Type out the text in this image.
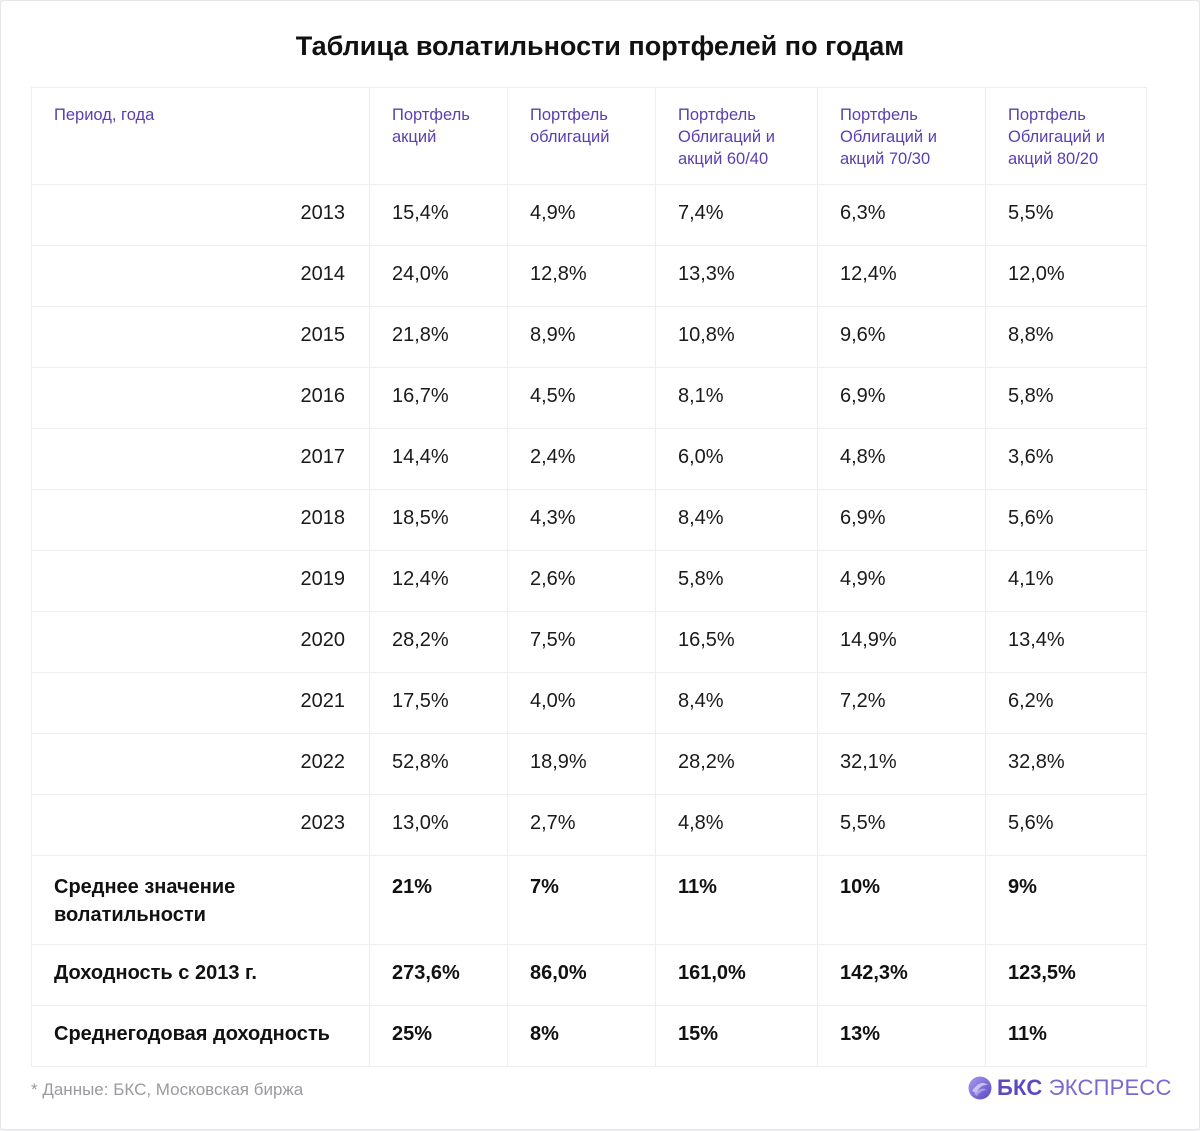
Таблица волатильности портфелей по годам
Период, года	Портфель акций	Портфель облигаций	Портфель Облигаций и акций 60/40	Портфель Облигаций и акций 70/30	Портфель Облигаций и акций 80/20
2013	15,4%	4,9%	7,4%	6,3%	5,5%
2014	24,0%	12,8%	13,3%	12,4%	12,0%
2015	21,8%	8,9%	10,8%	9,6%	8,8%
2016	16,7%	4,5%	8,1%	6,9%	5,8%
2017	14,4%	2,4%	6,0%	4,8%	3,6%
2018	18,5%	4,3%	8,4%	6,9%	5,6%
2019	12,4%	2,6%	5,8%	4,9%	4,1%
2020	28,2%	7,5%	16,5%	14,9%	13,4%
2021	17,5%	4,0%	8,4%	7,2%	6,2%
2022	52,8%	18,9%	28,2%	32,1%	32,8%
2023	13,0%	2,7%	4,8%	5,5%	5,6%
Среднее значение волатильности	21%	7%	11%	10%	9%
Доходность с 2013 г.	273,6%	86,0%	161,0%	142,3%	123,5%
Среднегодовая доходность	25%	8%	15%	13%	11%
* Данные: БКС, Московская биржа	БКС ЭКСПРЕСС
